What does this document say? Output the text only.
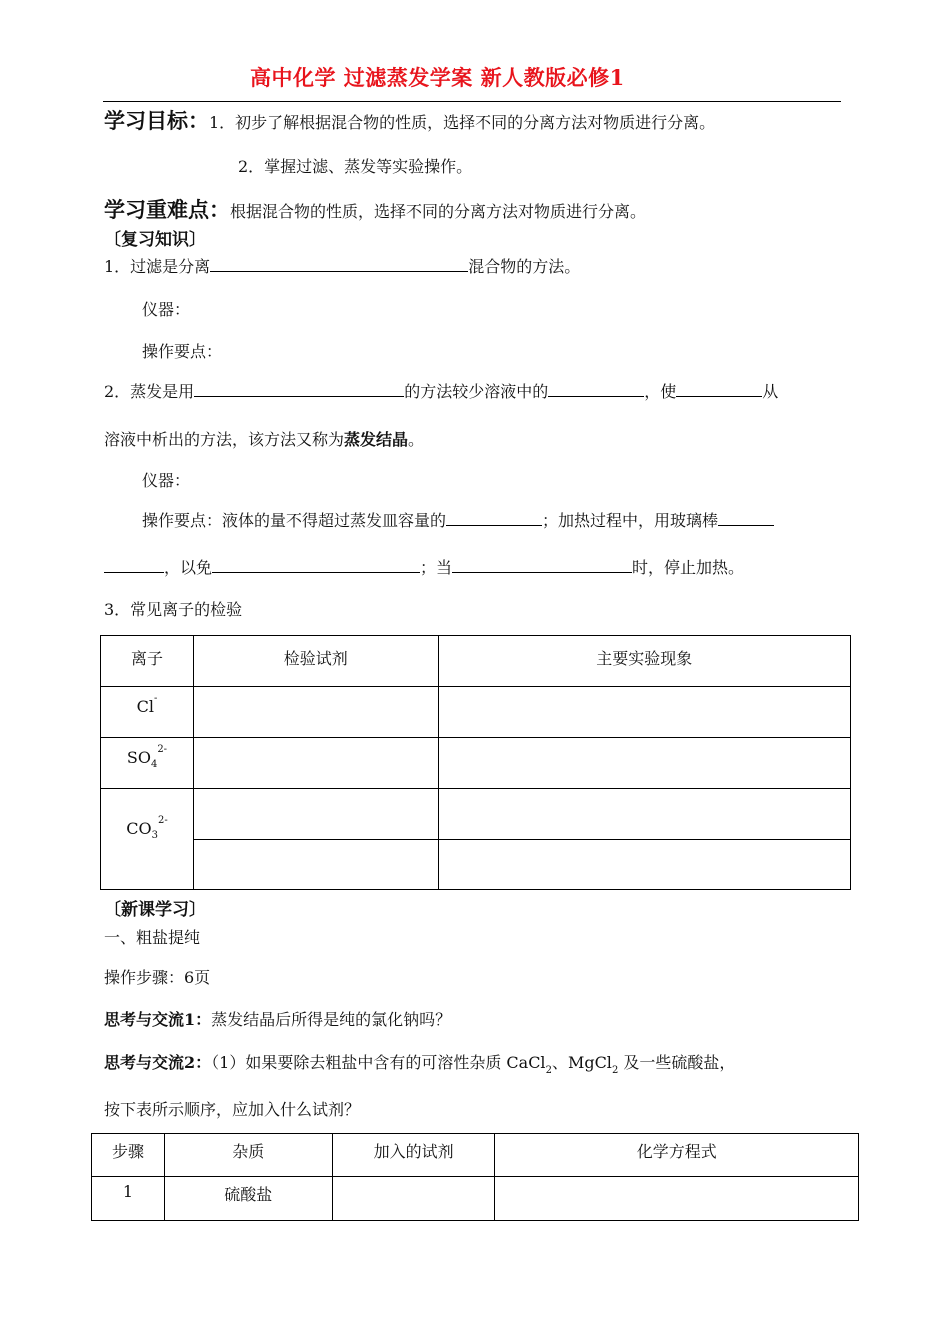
高中化学 过滤蒸发学案 新人教版必修1
学习目标：1．初步了解根据混合物的性质，选择不同的分离方法对物质进行分离。
2．掌握过滤、蒸发等实验操作。
学习重难点：根据混合物的性质，选择不同的分离方法对物质进行分离。
〔复习知识〕
1．过滤是分离	混合物的方法。
仪器：
操作要点：
2．蒸发是用	的方法较少溶液中的	，使	从
溶液中析出的方法，该方法又称为蒸发结晶。
仪器：
操作要点：液体的量不得超过蒸发皿容量的	；加热过程中，用玻璃棒
，以免	；当	时，停止加热。
3．常见离子的检验
离子	检验试剂	主要实验现象

Cl-

$SO_4^{2-}$

$CO_3^{2-}$

〔新课学习〕
一、粗盐提纯
操作步骤：6页
思考与交流1：蒸发结晶后所得是纯的氯化钠吗？
思考与交流2：（1）如果要除去粗盐中含有的可溶性杂质 CaCl$_2$、MgCl$_2$ 及一些硫酸盐，
按下表所示顺序，应加入什么试剂？
步骤	杂质	加入的试剂	化学方程式

1	硫酸盐		
